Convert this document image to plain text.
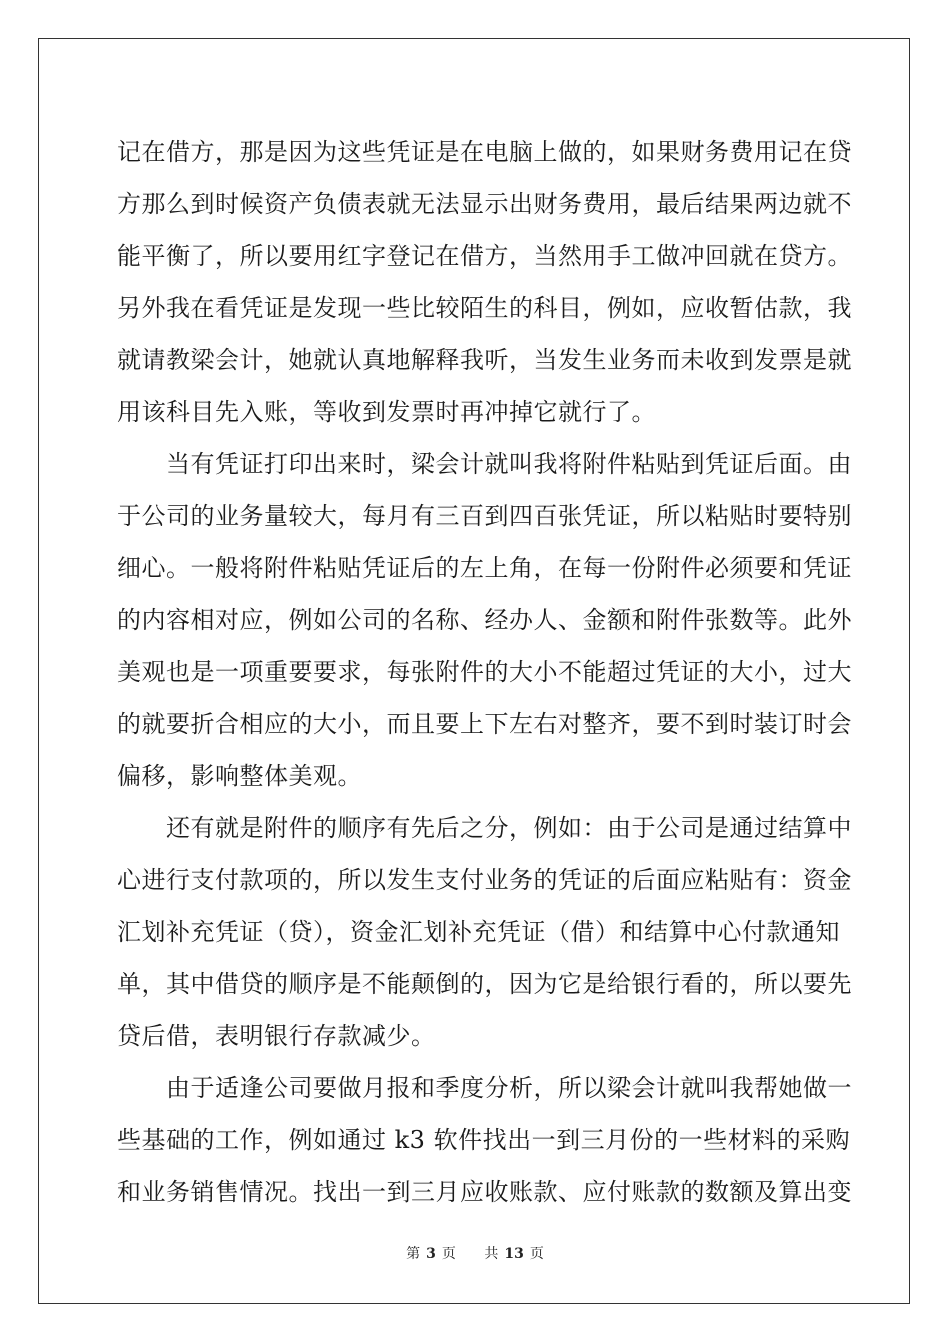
记在借方，那是因为这些凭证是在电脑上做的，如果财务费用记在贷
方那么到时候资产负债表就无法显示出财务费用，最后结果两边就不
能平衡了，所以要用红字登记在借方，当然用手工做冲回就在贷方。
另外我在看凭证是发现一些比较陌生的科目，例如，应收暂估款，我
就请教梁会计，她就认真地解释我听，当发生业务而未收到发票是就
用该科目先入账，等收到发票时再冲掉它就行了。
　　当有凭证打印出来时，梁会计就叫我将附件粘贴到凭证后面。由
于公司的业务量较大，每月有三百到四百张凭证，所以粘贴时要特别
细心。一般将附件粘贴凭证后的左上角，在每一份附件必须要和凭证
的内容相对应，例如公司的名称、经办人、金额和附件张数等。此外
美观也是一项重要要求，每张附件的大小不能超过凭证的大小，过大
的就要折合相应的大小，而且要上下左右对整齐，要不到时装订时会
偏移，影响整体美观。
　　还有就是附件的顺序有先后之分，例如：由于公司是通过结算中
心进行支付款项的，所以发生支付业务的凭证的后面应粘贴有：资金
汇划补充凭证（贷），资金汇划补充凭证（借）和结算中心付款通知
单，其中借贷的顺序是不能颠倒的，因为它是给银行看的，所以要先
贷后借，表明银行存款减少。
　　由于适逢公司要做月报和季度分析，所以梁会计就叫我帮她做一
些基础的工作，例如通过 k3 软件找出一到三月份的一些材料的采购
和业务销售情况。找出一到三月应收账款、应付账款的数额及算出变
第 3 页 共 13 页
